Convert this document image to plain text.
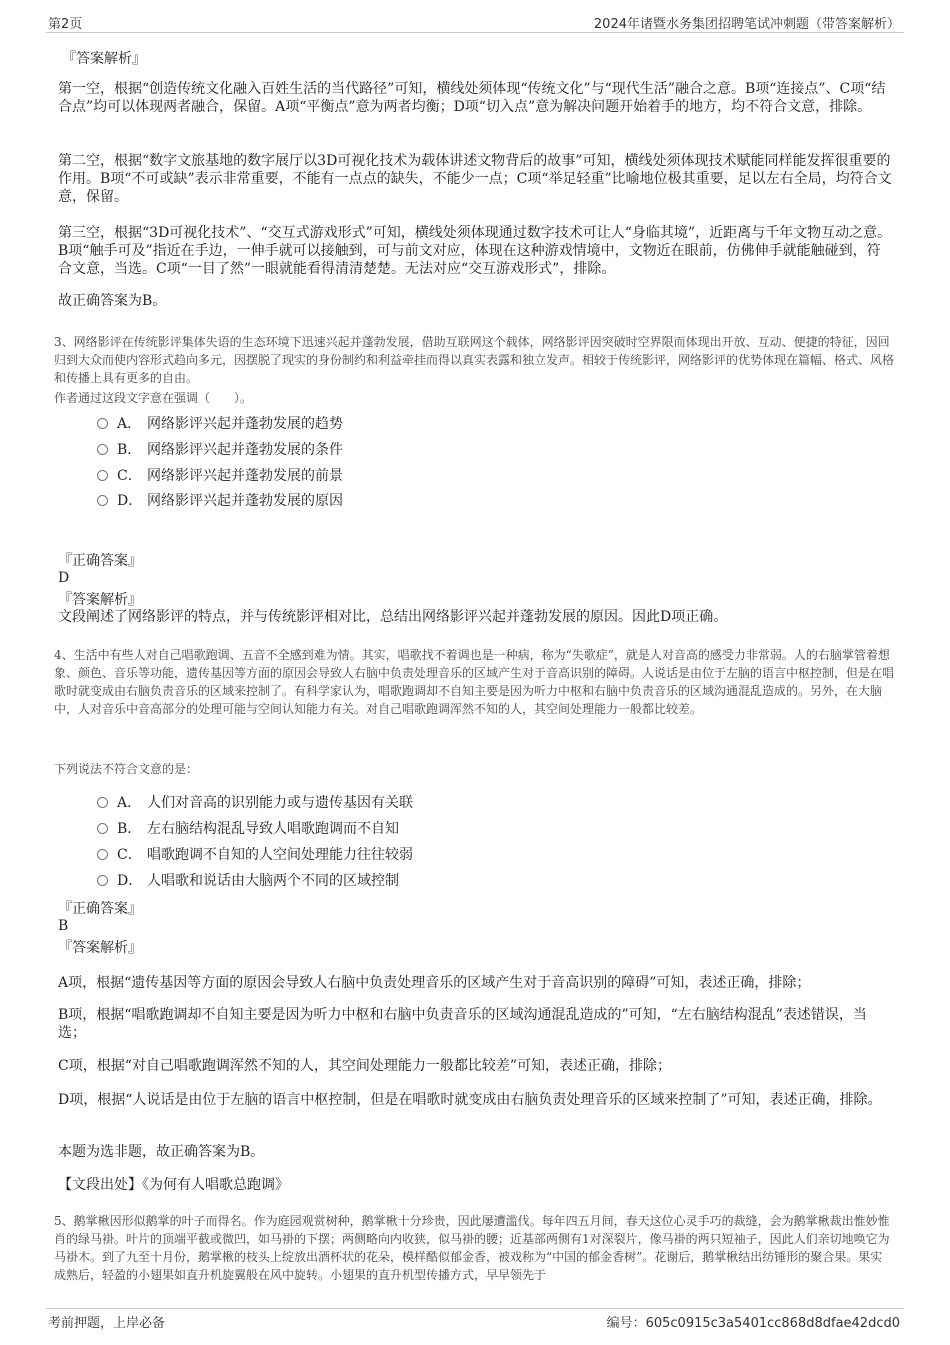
第2页	2024年诸暨水务集团招聘笔试冲刺题（带答案解析）
『答案解析』
第一空，根据“创造传统文化融入百姓生活的当代路径”可知，横线处须体现“传统文化”与“现代生活”融合之意。B项“连接点”、C项“结合点”均可以体现两者融合，保留。A项“平衡点”意为两者均衡；D项“切入点”意为解决问题开始着手的地方，均不符合文意，排除。
第二空，根据“数字文旅基地的数字展厅以3D可视化技术为载体讲述文物背后的故事”可知，横线处须体现技术赋能同样能发挥很重要的作用。B项“不可或缺”表示非常重要，不能有一点点的缺失，不能少一点；C项“举足轻重”比喻地位极其重要，足以左右全局，均符合文意，保留。
第三空，根据“3D可视化技术”、“交互式游戏形式”可知，横线处须体现通过数字技术可让人“身临其境”，近距离与千年文物互动之意。B项“触手可及”指近在手边，一伸手就可以接触到，可与前文对应，体现在这种游戏情境中，文物近在眼前，仿佛伸手就能触碰到，符合文意，当选。C项“一目了然”一眼就能看得清清楚楚。无法对应“交互游戏形式”，排除。
故正确答案为B。
3、网络影评在传统影评集体失语的生态环境下迅速兴起并蓬勃发展，借助互联网这个载体，网络影评因突破时空界限而体现出开放、互动、便捷的特征，因回归到大众而使内容形式趋向多元，因摆脱了现实的身份制约和利益牵挂而得以真实表露和独立发声。相较于传统影评，网络影评的优势体现在篇幅、格式、风格和传播上具有更多的自由。
作者通过这段文字意在强调（　　）。
A． 网络影评兴起并蓬勃发展的趋势
B． 网络影评兴起并蓬勃发展的条件
C． 网络影评兴起并蓬勃发展的前景
D． 网络影评兴起并蓬勃发展的原因
『正确答案』
D
『答案解析』
文段阐述了网络影评的特点，并与传统影评相对比，总结出网络影评兴起并蓬勃发展的原因。因此D项正确。
4、生活中有些人对自己唱歌跑调、五音不全感到难为情。其实，唱歌找不着调也是一种病，称为“失歌症”，就是人对音高的感受力非常弱。人的右脑掌管着想象、颜色、音乐等功能，遗传基因等方面的原因会导致人右脑中负责处理音乐的区域产生对于音高识别的障碍。人说话是由位于左脑的语言中枢控制，但是在唱歌时就变成由右脑负责音乐的区域来控制了。有科学家认为，唱歌跑调却不自知主要是因为听力中枢和右脑中负责音乐的区域沟通混乱造成的。另外，在大脑中，人对音乐中音高部分的处理可能与空间认知能力有关。对自己唱歌跑调浑然不知的人，其空间处理能力一般都比较差。
下列说法不符合文意的是：
A． 人们对音高的识别能力或与遗传基因有关联
B． 左右脑结构混乱导致人唱歌跑调而不自知
C． 唱歌跑调不自知的人空间处理能力往往较弱
D． 人唱歌和说话由大脑两个不同的区域控制
『正确答案』
B
『答案解析』
A项，根据“遗传基因等方面的原因会导致人右脑中负责处理音乐的区域产生对于音高识别的障碍”可知，表述正确，排除；
B项，根据“唱歌跑调却不自知主要是因为听力中枢和右脑中负责音乐的区域沟通混乱造成的”可知，“左右脑结构混乱”表述错误，当选；
C项，根据“对自己唱歌跑调浑然不知的人，其空间处理能力一般都比较差”可知，表述正确，排除；
D项，根据“人说话是由位于左脑的语言中枢控制，但是在唱歌时就变成由右脑负责处理音乐的区域来控制了”可知，表述正确，排除。
本题为选非题，故正确答案为B。
【文段出处】《为何有人唱歌总跑调》
5、鹅掌楸因形似鹅掌的叶子而得名。作为庭园观赏树种，鹅掌楸十分珍贵，因此屡遭滥伐。每年四五月间，春天这位心灵手巧的裁缝，会为鹅掌楸裁出惟妙惟肖的绿马褂。叶片的顶端平截或微凹，如马褂的下摆；两侧略向内收狭，似马褂的腰；近基部两侧有1对深裂片，像马褂的两只短袖子，因此人们亲切地唤它为马褂木。到了九至十月份，鹅掌楸的枝头上绽放出酒杯状的花朵，模样酷似郁金香，被戏称为“中国的郁金香树”。花谢后，鹅掌楸结出纺锤形的聚合果。果实成熟后，轻盈的小翅果如直升机旋翼般在风中旋转。小翅果的直升机型传播方式，早早领先于
考前押题，上岸必备	编号：605c0915c3a5401cc868d8dfae42dcd0
